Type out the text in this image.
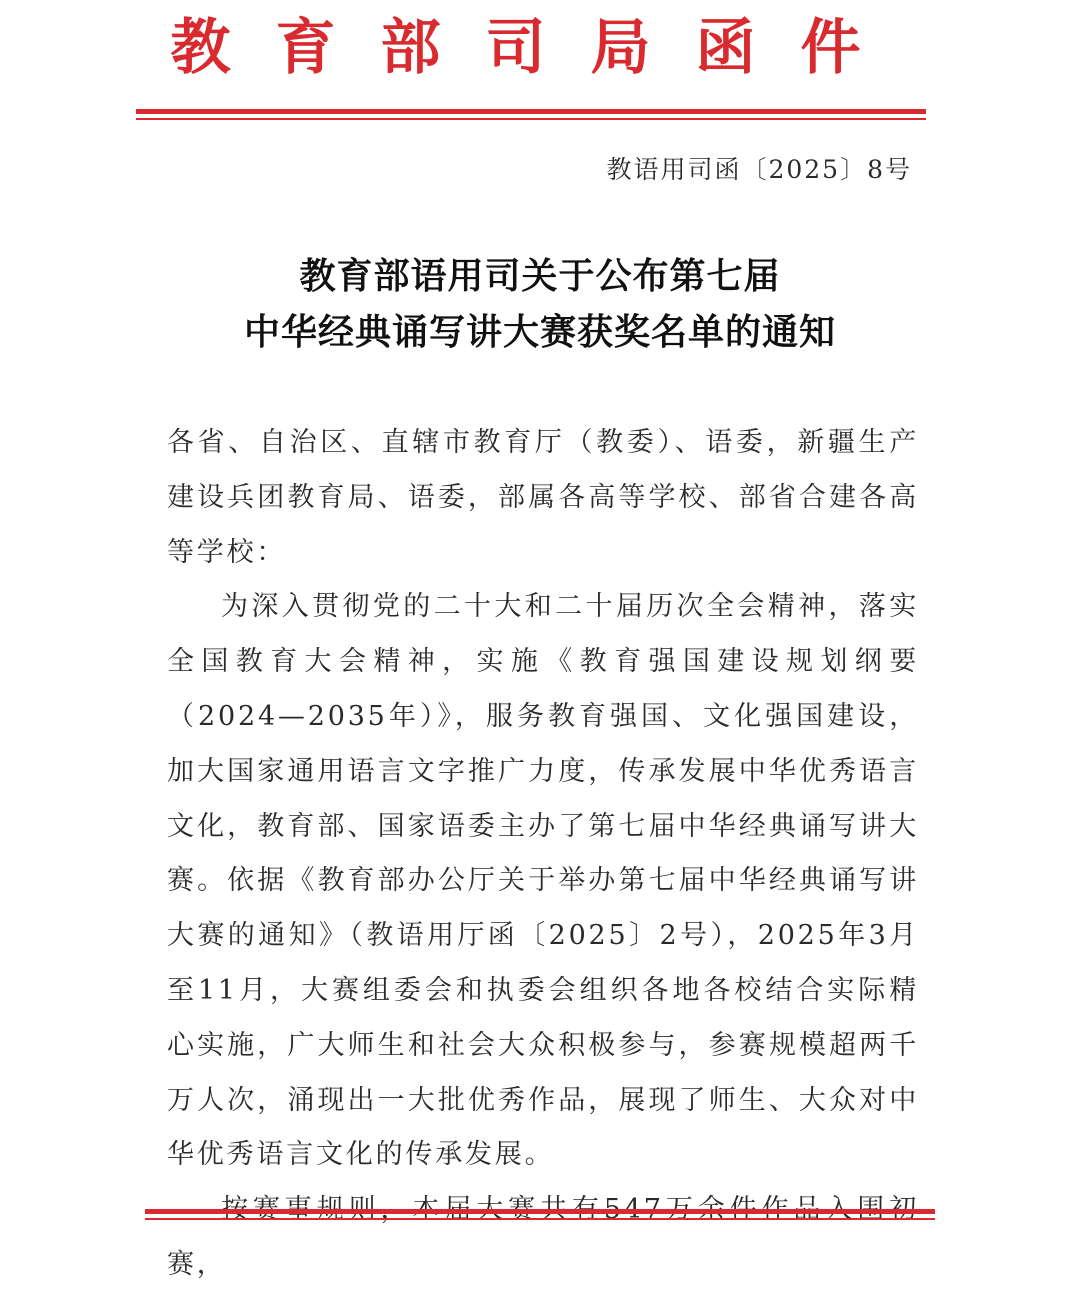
教育部司局函件
教语用司函〔2025〕8号
教育部语用司关于公布第七届
中华经典诵写讲大赛获奖名单的通知

各省、自治区、直辖市教育厅（教委）、语委，新疆生产建设兵团教育局、语委，部属各高等学校、部省合建各高等学校：

为深入贯彻党的二十大和二十届历次全会精神，落实全国教育大会精神，实施《教育强国建设规划纲要（2024—2035年）》，服务教育强国、文化强国建设，加大国家通用语言文字推广力度，传承发展中华优秀语言文化，教育部、国家语委主办了第七届中华经典诵写讲大赛。依据《教育部办公厅关于举办第七届中华经典诵写讲大赛的通知》（教语用厅函〔2025〕2号），2025年3月至11月，大赛组委会和执委会组织各地各校结合实际精心实施，广大师生和社会大众积极参与，参赛规模超两千万人次，涌现出一大批优秀作品，展现了师生、大众对中华优秀语言文化的传承发展。

赛，
